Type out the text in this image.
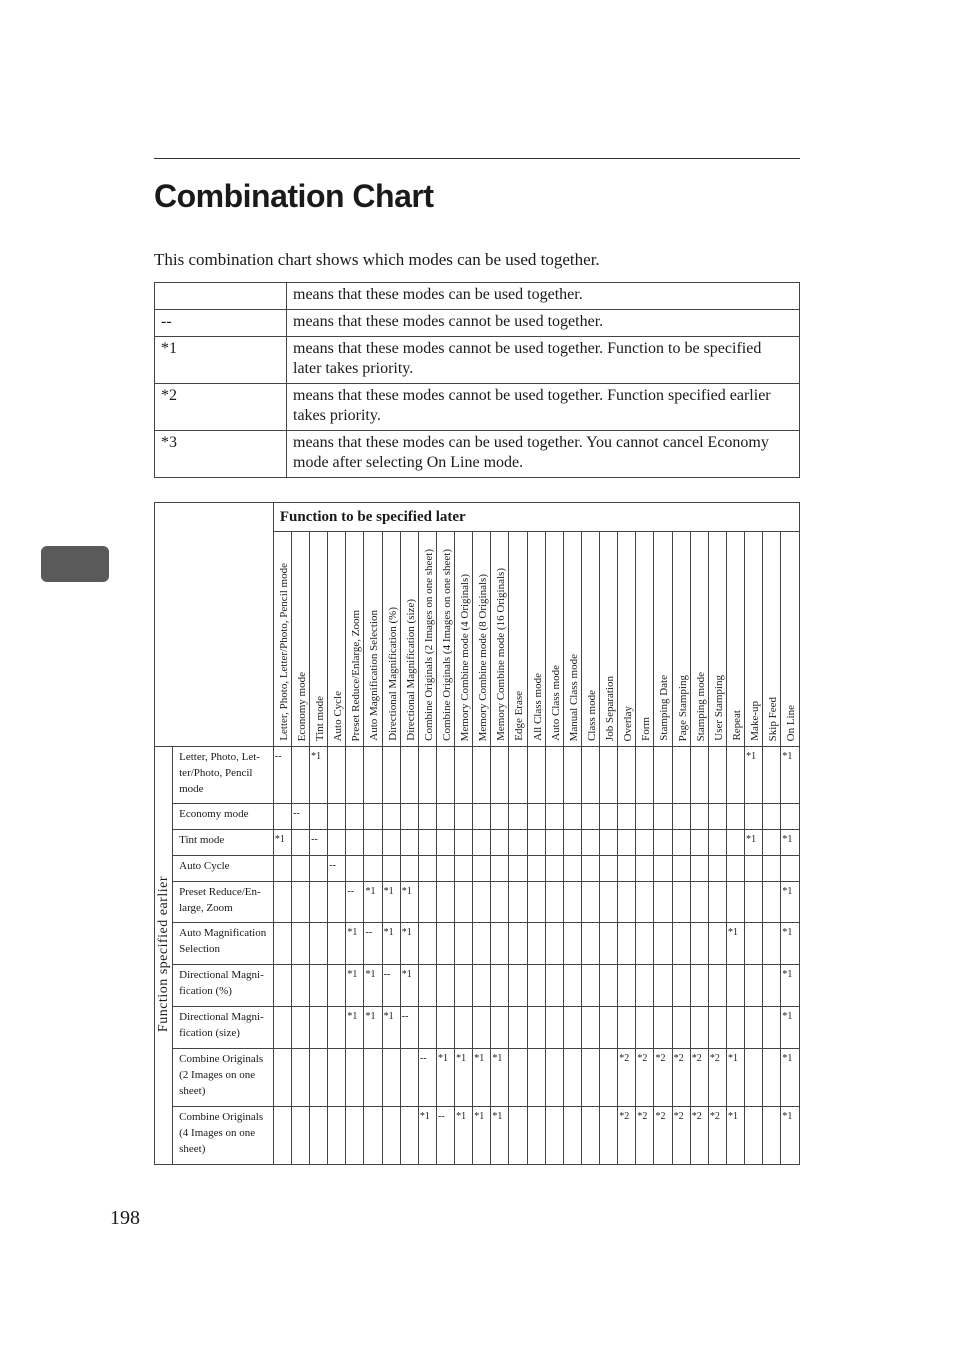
Combination Chart
This combination chart shows which modes can be used together.
	means that these modes can be used together.
--	means that these modes cannot be used together.
*1	means that these modes cannot be used together. Function to be specified later takes priority.
*2	means that these modes cannot be used together. Function specified earlier takes priority.
*3	means that these modes can be used together. You cannot cancel Economy mode after selecting On Line mode.
		Function to be specified later																												

		Letter, Photo, Letter/Photo, Pencil mode	Economy mode	Tint mode	Auto Cycle	Preset Reduce/Enlarge, Zoom	Auto Magnification Selection	Directional Magnification (%)	Directional Magnification (size)	Combine Originals (2 Images on one sheet)	Combine Originals (4 Images on one sheet)	Memory Combine mode (4 Originals)	Memory Combine mode (8 Originals)	Memory Combine mode (16 Originals)	Edge Erase	All Class mode	Auto Class mode	Manual Class mode	Class mode	Job Separation	Overlay	Form	Stamping Date	Page Stamping	Stamping mode	User Stamping	Repeat	Make-up	Skip Feed	On Line

Function specified earlier	Letter, Photo, Let-ter/Photo, Pencil mode	--		*1																								*1		*1
	Economy mode		--																											
	Tint mode	*1		--																								*1		*1
	Auto Cycle				--																									
	Preset Reduce/En-large, Zoom					--	*1	*1	*1																					*1
	Auto Magnification Selection					*1	--	*1	*1																		*1			*1
	Directional Magni-fication (%)					*1	*1	--	*1																					*1
	Directional Magni-fication (size)					*1	*1	*1	--																					*1
	Combine Originals (2 Images on one sheet)									--	*1	*1	*1	*1							*2	*2	*2	*2	*2	*2	*1			*1
	Combine Originals (4 Images on one sheet)									*1	--	*1	*1	*1							*2	*2	*2	*2	*2	*2	*1			*1
198
